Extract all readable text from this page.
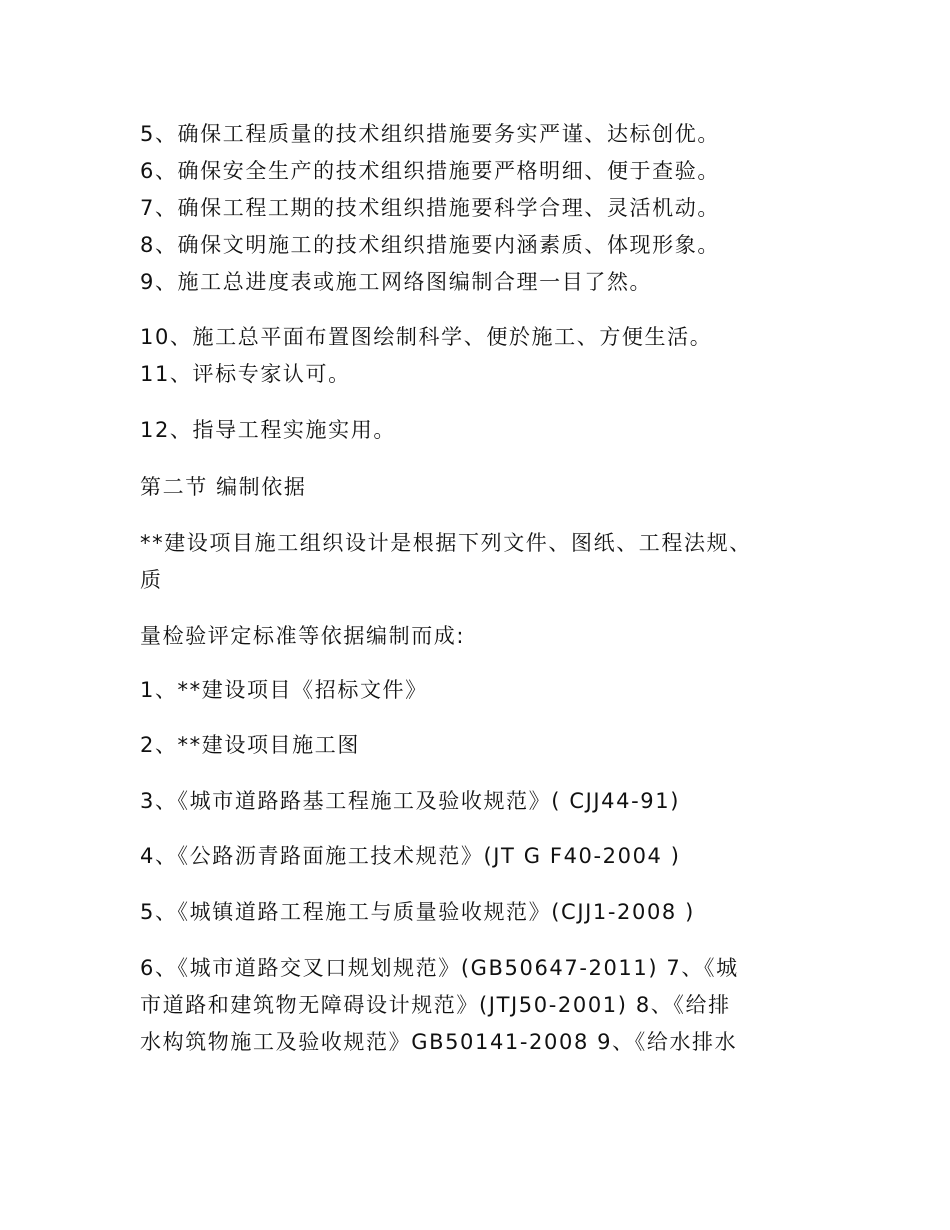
5、确保工程质量的技术组织措施要务实严谨、达标创优。
6、确保安全生产的技术组织措施要严格明细、便于查验。
7、确保工程工期的技术组织措施要科学合理、灵活机动。
8、确保文明施工的技术组织措施要内涵素质、体现形象。
9、施工总进度表或施工网络图编制合理一目了然。
10、施工总平面布置图绘制科学、便於施工、方便生活。
11、评标专家认可。
12、指导工程实施实用。
第二节 编制依据
**建设项目施工组织设计是根据下列文件、图纸、工程法规、
质
量检验评定标准等依据编制而成:
1、**建设项目《招标文件》
2、**建设项目施工图
3、《城市道路路基工程施工及验收规范》( CJJ44-91)
4、《公路沥青路面施工技术规范》(JT G F40-2004 )
5、《城镇道路工程施工与质量验收规范》(CJJ1-2008 )
6、《城市道路交叉口规划规范》(GB50647-2011) 7、《城
市道路和建筑物无障碍设计规范》(JTJ50-2001) 8、《给排
水构筑物施工及验收规范》GB50141-2008 9、《给水排水
